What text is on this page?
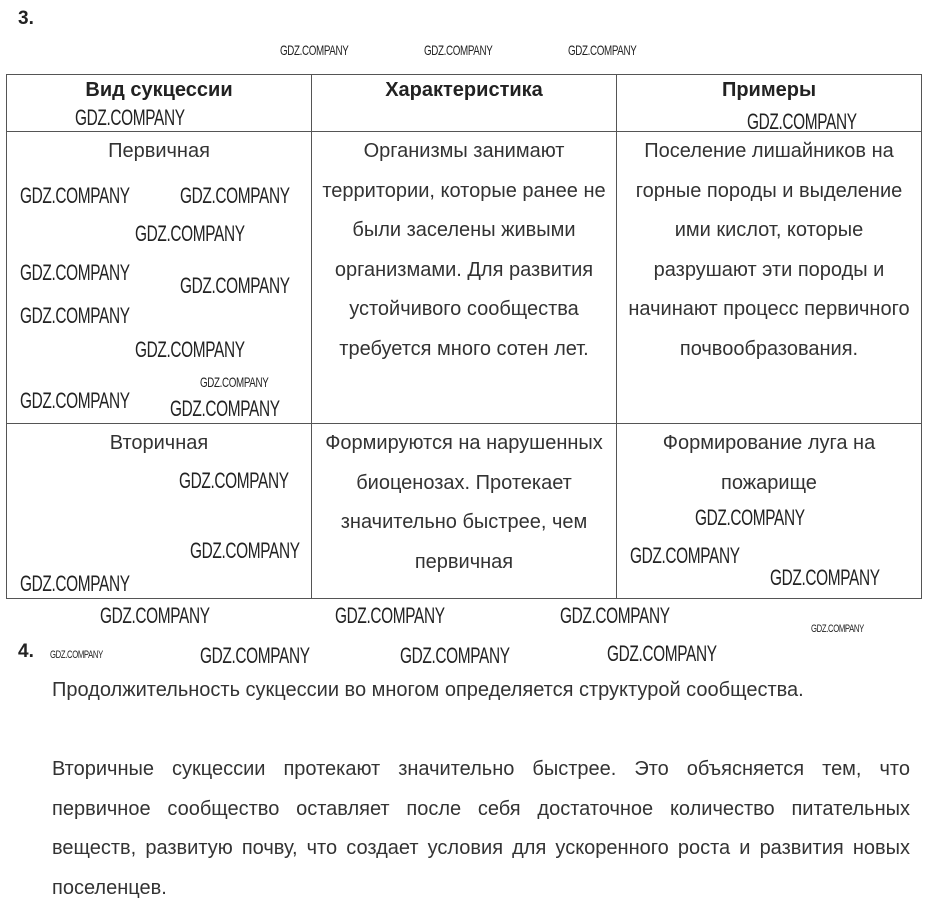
3.
Вид сукцессии	Характеристика	Примеры
Первичная	Организмы занимают территории, которые ранее не были заселены живыми организмами. Для развития устойчивого сообщества требуется много сотен лет.	Поселение лишайников на горные породы и выделение ими кислот, которые разрушают эти породы и начинают процесс первичного почвообразования.
Вторичная	Формируются на нарушенных биоценозах. Протекает значительно быстрее, чем первичная	Формирование луга на пожарище
4.

Продолжительность сукцессии во многом определяется структурой сообщества.

Вторичные сукцессии протекают значительно быстрее. Это объясняется тем, что первичное сообщество оставляет после себя достаточное количество питательных веществ, развитую почву, что создает условия для ускоренного роста и развития новых поселенцев.

GDZ.COMPANY	GDZ.COMPANY	GDZ.COMPANY
GDZ.COMPANY	GDZ.COMPANY
GDZ.COMPANY GDZ.COMPANY
GDZ.COMPANY
GDZ.COMPANY
GDZ.COMPANY
GDZ.COMPANY
GDZ.COMPANY
GDZ.COMPANY
GDZ.COMPANY GDZ.COMPANY
GDZ.COMPANY
GDZ.COMPANY
GDZ.COMPANY
GDZ.COMPANY
GDZ.COMPANY
GDZ.COMPANY
GDZ.COMPANY
GDZ.COMPANY	GDZ.COMPANY	GDZ.COMPANY
GDZ.COMPANY
GDZ.COMPANY	GDZ.COMPANY	GDZ.COMPANY
